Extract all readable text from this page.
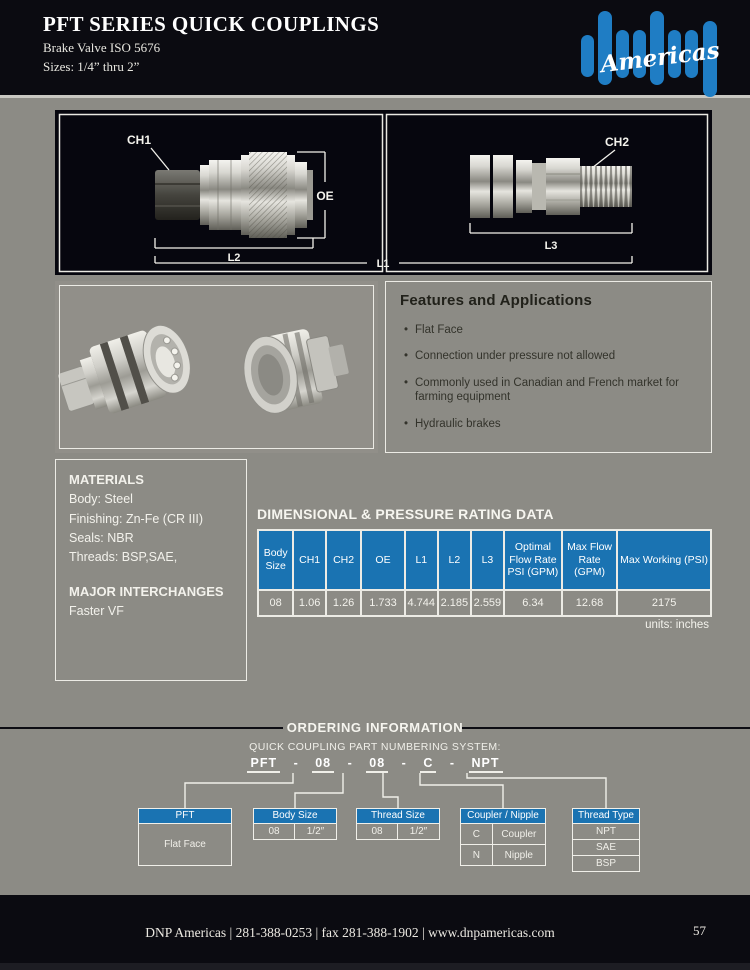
PFT SERIES QUICK COUPLINGS
Brake Valve ISO 5676
Sizes: 1/4” thru 2”	Americas
CH1
OE
L2
CH2
L3
L1
Features and Applications
• Flat Face
• Connection under pressure not allowed
• Commonly used in Canadian and French market for farming equipment
• Hydraulic brakes
MATERIALS
Body: Steel
Finishing: Zn-Fe (CR III)
Seals: NBR
Threads: BSP,SAE,
MAJOR INTERCHANGES
Faster VF
DIMENSIONAL & PRESSURE RATING DATA
Body Size	CH1	CH2	OE	L1	L2	L3	Optimal Flow Rate PSI (GPM)	Max Flow Rate (GPM)	Max Working (PSI)
08	1.06	1.26	1.733	4.744	2.185	2.559	6.34	12.68	2175
units: inches
ORDERING INFORMATION
QUICK COUPLING PART NUMBERING SYSTEM:
PFT - 08 - 08 - C - NPT
PFT
Flat Face
Body Size
08	1/2″
Thread Size
08	1/2″
Coupler / Nipple
C	Coupler
N	Nipple
Thread Type
NPT
SAE
BSP
DNP Americas | 281-388-0253 | fax 281-388-1902 | www.dnpamericas.com	57
